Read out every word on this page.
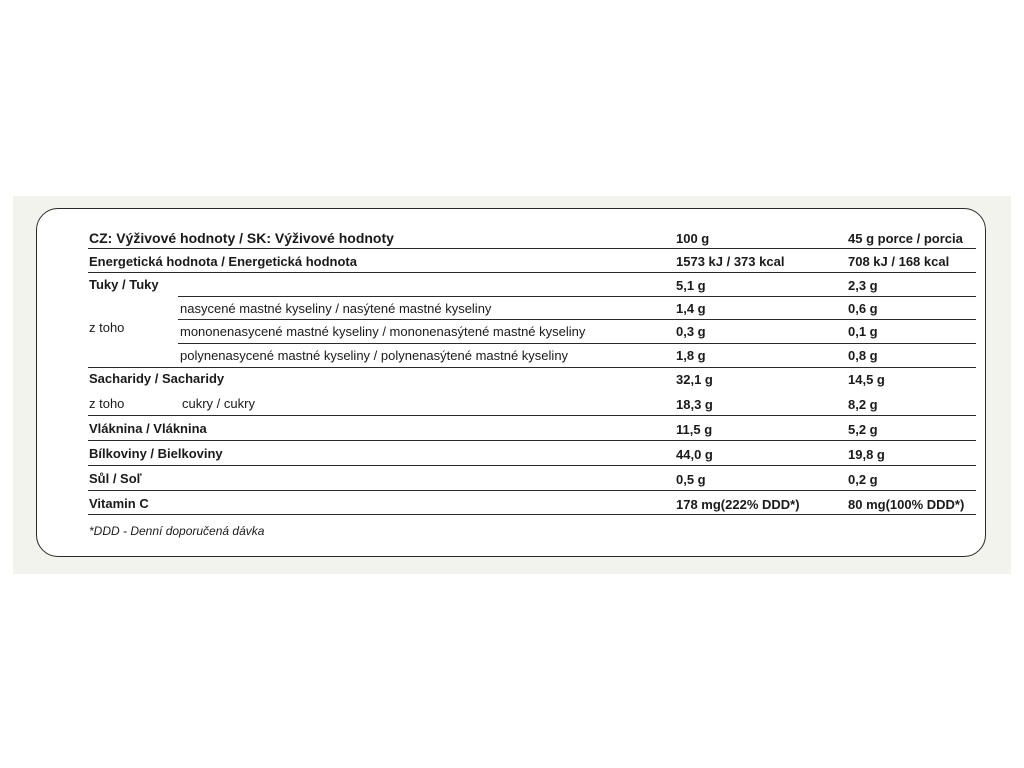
CZ: Výživové hodnoty / SK: Výživové hodnoty	100 g	45 g porce / porcia
Energetická hodnota / Energetická hodnota	1573 kJ / 373 kcal	708 kJ / 168 kcal
Tuky / Tuky	5,1 g	2,3 g
z toho
nasycené mastné kyseliny / nasýtené mastné kyseliny	1,4 g	0,6 g
mononenasycené mastné kyseliny / mononenasýtené mastné kyseliny	0,3 g	0,1 g
polynenasycené mastné kyseliny / polynenasýtené mastné kyseliny	1,8 g	0,8 g
Sacharidy / Sacharidy	32,1 g	14,5 g
z toho	cukry / cukry	18,3 g	8,2 g
Vláknina / Vláknina	11,5 g	5,2 g
Bílkoviny / Bielkoviny	44,0 g	19,8 g
Sůl / Soľ	0,5 g	0,2 g
Vitamin C	178 mg(222% DDD*)	80 mg(100% DDD*)
*DDD - Denní doporučená dávka
